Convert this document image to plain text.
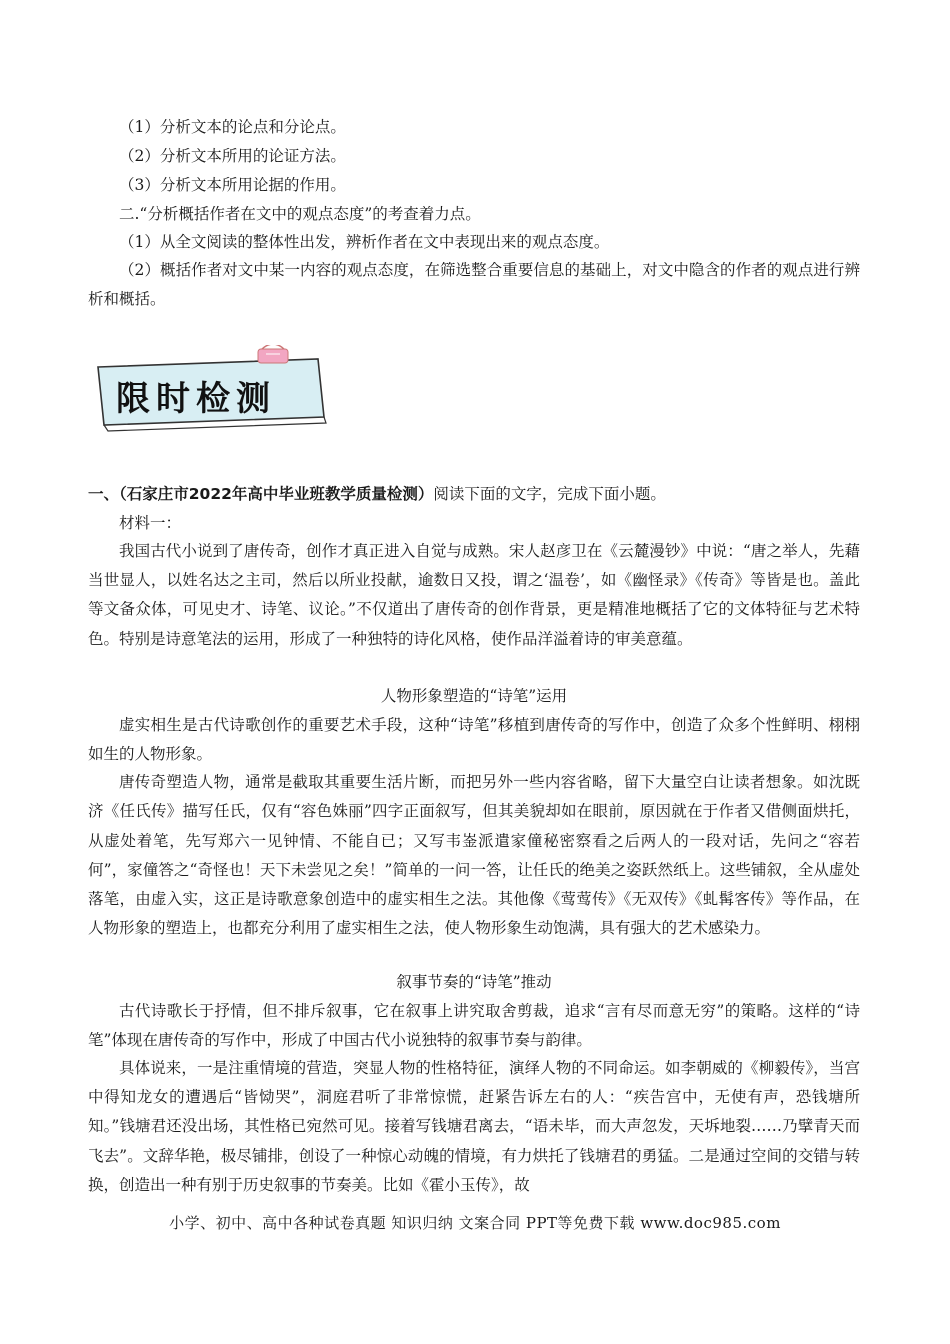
（1）分析文本的论点和分论点。

（2）分析文本所用的论证方法。

（3）分析文本所用论据的作用。

二.“分析概括作者在文中的观点态度”的考查着力点。

（1）从全文阅读的整体性出发，辨析作者在文中表现出来的观点态度。

（2）概括作者对文中某一内容的观点态度，在筛选整合重要信息的基础上，对文中隐含的作者的观点进行辨析和概括。

限时检测

一、（石家庄市2022年高中毕业班教学质量检测）阅读下面的文字，完成下面小题。

材料一：

我国古代小说到了唐传奇，创作才真正进入自觉与成熟。宋人赵彦卫在《云麓漫钞》中说：“唐之举人，先藉当世显人，以姓名达之主司，然后以所业投献，逾数日又投，谓之‘温卷’，如《幽怪录》《传奇》等皆是也。盖此等文备众体，可见史才、诗笔、议论。”不仅道出了唐传奇的创作背景，更是精准地概括了它的文体特征与艺术特色。特别是诗意笔法的运用，形成了一种独特的诗化风格，使作品洋溢着诗的审美意蕴。

人物形象塑造的“诗笔”运用

虚实相生是古代诗歌创作的重要艺术手段，这种“诗笔”移植到唐传奇的写作中，创造了众多个性鲜明、栩栩如生的人物形象。

唐传奇塑造人物，通常是截取其重要生活片断，而把另外一些内容省略，留下大量空白让读者想象。如沈既济《任氏传》描写任氏，仅有“容色姝丽”四字正面叙写，但其美貌却如在眼前，原因就在于作者又借侧面烘托，从虚处着笔，先写郑六一见钟情、不能自已；又写韦崟派遣家僮秘密察看之后两人的一段对话，先问之“容若何”，家僮答之“奇怪也！天下未尝见之矣！”简单的一问一答，让任氏的绝美之姿跃然纸上。这些铺叙，全从虚处落笔，由虚入实，这正是诗歌意象创造中的虚实相生之法。其他像《莺莺传》《无双传》《虬髯客传》等作品，在人物形象的塑造上，也都充分利用了虚实相生之法，使人物形象生动饱满，具有强大的艺术感染力。

叙事节奏的“诗笔”推动

古代诗歌长于抒情，但不排斥叙事，它在叙事上讲究取舍剪裁，追求“言有尽而意无穷”的策略。这样的“诗笔”体现在唐传奇的写作中，形成了中国古代小说独特的叙事节奏与韵律。

具体说来，一是注重情境的营造，突显人物的性格特征，演绎人物的不同命运。如李朝威的《柳毅传》，当宫中得知龙女的遭遇后“皆恸哭”，洞庭君听了非常惊慌，赶紧告诉左右的人：“疾告宫中，无使有声，恐钱塘所知。”钱塘君还没出场，其性格已宛然可见。接着写钱塘君离去，“语未毕，而大声忽发，天坼地裂……乃擘青天而飞去”。文辞华艳，极尽铺排，创设了一种惊心动魄的情境，有力烘托了钱塘君的勇猛。二是通过空间的交错与转换，创造出一种有别于历史叙事的节奏美。比如《霍小玉传》，故

小学、初中、高中各种试卷真题 知识归纳 文案合同 PPT等免费下载 www.doc985.com
